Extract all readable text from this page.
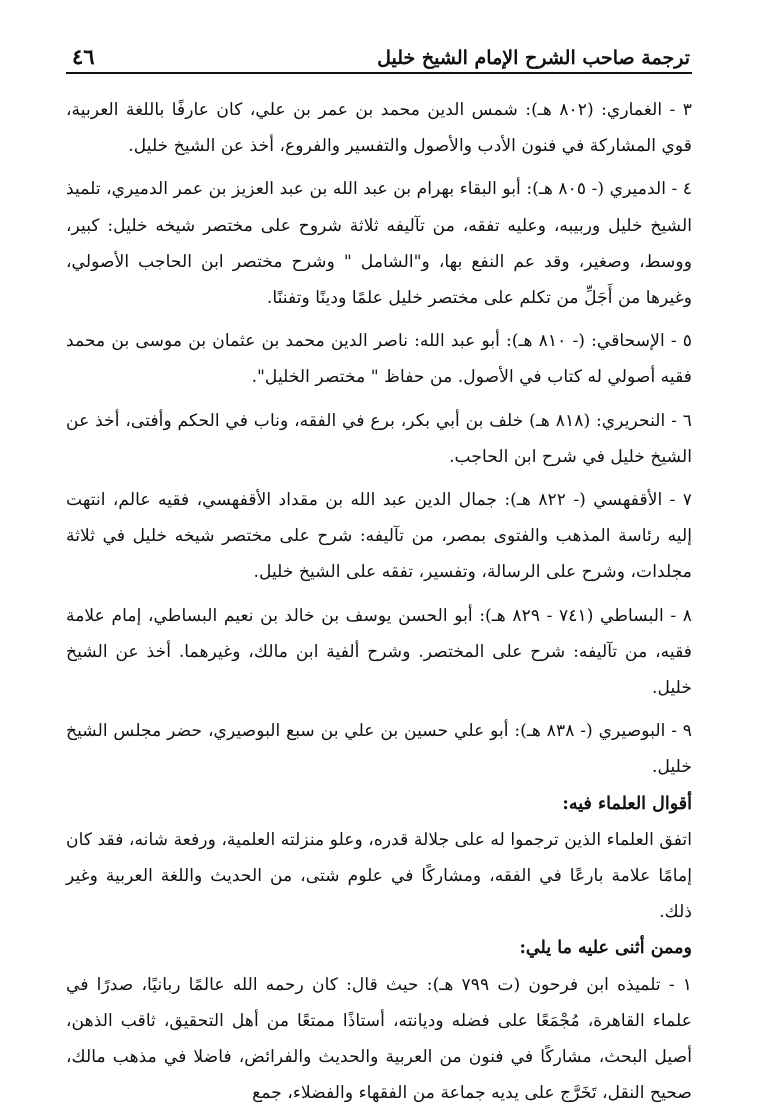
ترجمة صاحب الشرح الإمام الشيخ خليل
٤٦

٣ - الغماري: (٨٠٢ هـ): شمس الدين محمد بن عمر بن علي، كان عارفًا باللغة العربية، قوي المشاركة في فنون الأدب والأصول والتفسير والفروع، أخذ عن الشيخ خليل.

٤ - الدميري (- ٨٠٥ هـ): أبو البقاء بهرام بن عبد الله بن عبد العزيز بن عمر الدميري، تلميذ الشيخ خليل وربيبه، وعليه تفقه، من تآليفه ثلاثة شروح على مختصر شيخه خليل: كبير، ووسط، وصغير، وقد عم النفع بها، و"الشامل " وشرح مختصر ابن الحاجب الأصولي، وغيرها من أَجَلِّ من تكلم على مختصر خليل علمًا ودينًا وتفننًا.

٥ - الإسحاقي: (- ٨١٠ هـ): أبو عبد الله: ناصر الدين محمد بن عثمان بن موسى بن محمد فقيه أصولي له كتاب في الأصول. من حفاظ " مختصر الخليل".

٦ - النحريري: (٨١٨ هـ) خلف بن أبي بكر، برع في الفقه، وناب في الحكم وأفتى، أخذ عن الشيخ خليل في شرح ابن الحاجب.

٧ - الأقفهسي (- ٨٢٢ هـ): جمال الدين عبد الله بن مقداد الأقفهسي، فقيه عالم، انتهت إليه رئاسة المذهب والفتوى بمصر، من تآليفه: شرح على مختصر شيخه خليل في ثلاثة مجلدات، وشرح على الرسالة، وتفسير، تفقه على الشيخ خليل.

٨ - البساطي (٧٤١ - ٨٢٩ هـ): أبو الحسن يوسف بن خالد بن نعيم البساطي، إمام علامة فقيه، من تآليفه: شرح على المختصر. وشرح ألفية ابن مالك، وغيرهما. أخذ عن الشيخ خليل.

٩ - البوصيري (- ٨٣٨ هـ): أبو علي حسين بن علي بن سبع البوصيري، حضر مجلس الشيخ خليل.

أقوال العلماء فيه:

اتفق العلماء الذين ترجموا له على جلالة قدره، وعلو منزلته العلمية، ورفعة شانه، فقد كان إمامًا علامة بارعًا في الفقه، ومشاركًا في علوم شتى، من الحديث واللغة العربية وغير ذلك.

وممن أثنى عليه ما يلي:

١ - تلميذه ابن فرحون (ت ٧٩٩ هـ): حيث قال: كان رحمه الله عالمًا ربانيًا، صدرًا في علماء القاهرة، مُجْمَعًا على فضله وديانته، أستاذًا ممتعًا من أهل التحقيق، ثاقب الذهن، أصيل البحث، مشاركًا في فنون من العربية والحديث والفرائض، فاضلا في مذهب مالك، صحيح النقل، تَخَرَّج على يديه جماعة من الفقهاء والفضلاء، جمع
